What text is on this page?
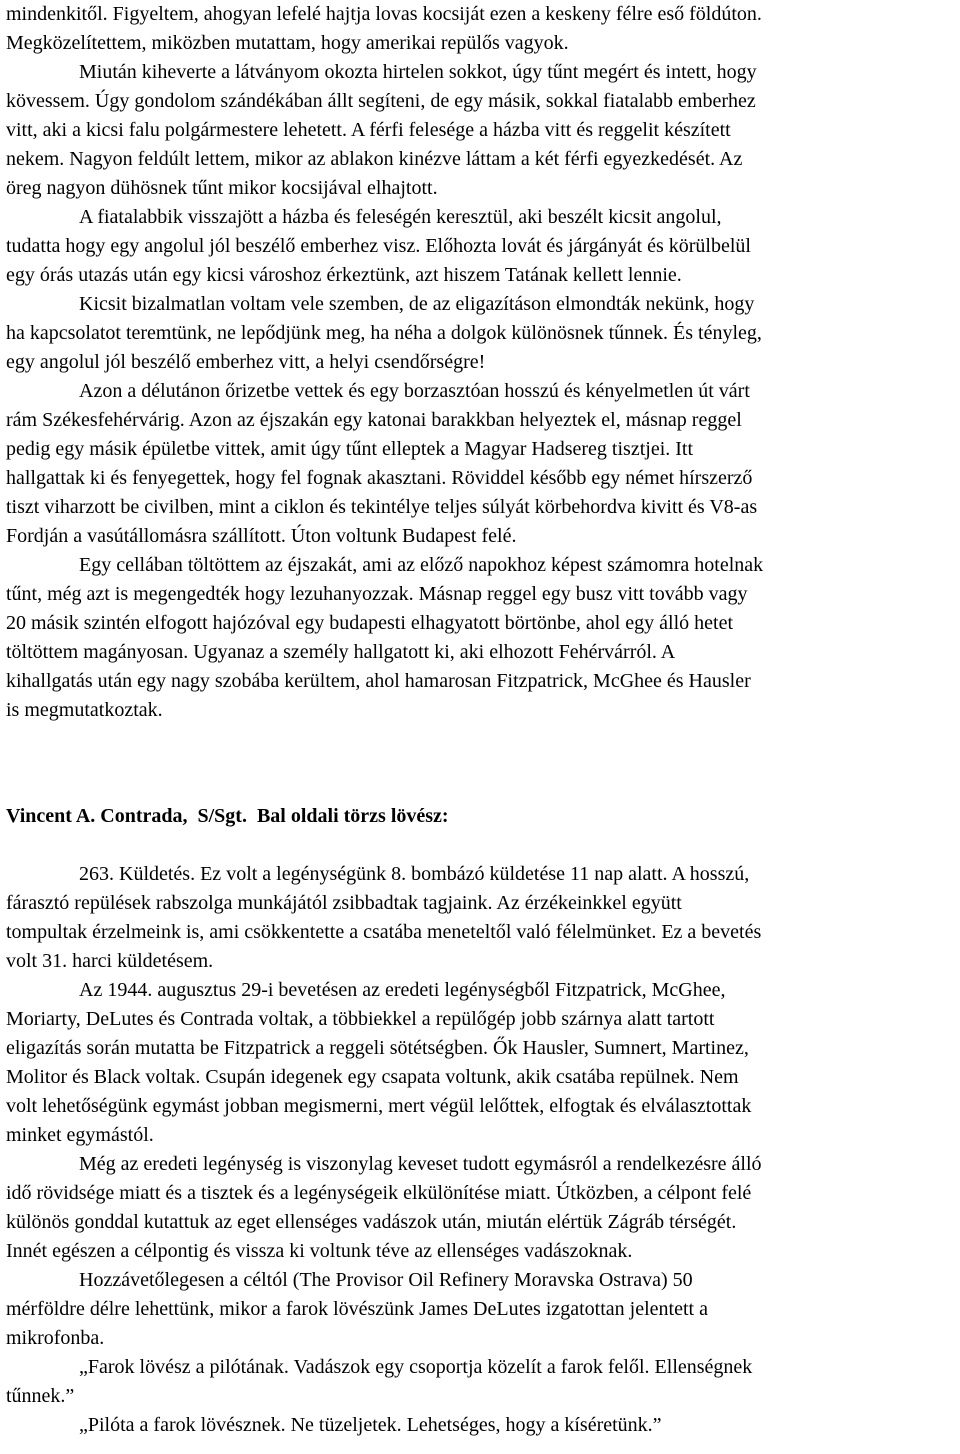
mindenkitől. Figyeltem, ahogyan lefelé hajtja lovas kocsiját ezen a keskeny félre eső földúton.
Megközelítettem, miközben mutattam, hogy amerikai repülős vagyok.
Miután kiheverte a látványom okozta hirtelen sokkot, úgy tűnt megért és intett, hogy
kövessem. Úgy gondolom szándékában állt segíteni, de egy másik, sokkal fiatalabb emberhez
vitt, aki a kicsi falu polgármestere lehetett. A férfi felesége a házba vitt és reggelit készített
nekem. Nagyon feldúlt lettem, mikor az ablakon kinézve láttam a két férfi egyezkedését. Az
öreg nagyon dühösnek tűnt mikor kocsijával elhajtott.
A fiatalabbik visszajött a házba és feleségén keresztül, aki beszélt kicsit angolul,
tudatta hogy egy angolul jól beszélő emberhez visz. Előhozta lovát és járgányát és körülbelül
egy órás utazás után egy kicsi városhoz érkeztünk, azt hiszem Tatának kellett lennie.
Kicsit bizalmatlan voltam vele szemben, de az eligazításon elmondták nekünk, hogy
ha kapcsolatot teremtünk, ne lepődjünk meg, ha néha a dolgok különösnek tűnnek. És tényleg,
egy angolul jól beszélő emberhez vitt, a helyi csendőrségre!
Azon a délutánon őrizetbe vettek és egy borzasztóan hosszú és kényelmetlen út várt
rám Székesfehérvárig. Azon az éjszakán egy katonai barakkban helyeztek el, másnap reggel
pedig egy másik épületbe vittek, amit úgy tűnt elleptek a Magyar Hadsereg tisztjei. Itt
hallgattak ki és fenyegettek, hogy fel fognak akasztani. Röviddel később egy német hírszerző
tiszt viharzott be civilben, mint a ciklon és tekintélye teljes súlyát körbehordva kivitt és V8-as
Fordján a vasútállomásra szállított. Úton voltunk Budapest felé.
Egy cellában töltöttem az éjszakát, ami az előző napokhoz képest számomra hotelnak
tűnt, még azt is megengedték hogy lezuhanyozzak. Másnap reggel egy busz vitt tovább vagy
20 másik szintén elfogott hajózóval egy budapesti elhagyatott börtönbe, ahol egy álló hetet
töltöttem magányosan. Ugyanaz a személy hallgatott ki, aki elhozott Fehérvárról. A
kihallgatás után egy nagy szobába kerültem, ahol hamarosan Fitzpatrick, McGhee és Hausler
is megmutatkoztak.
Vincent A. Contrada,  S/Sgt.  Bal oldali törzs lövész:
263. Küldetés. Ez volt a legénységünk 8. bombázó küldetése 11 nap alatt. A hosszú,
fárasztó repülések rabszolga munkájától zsibbadtak tagjaink. Az érzékeinkkel együtt
tompultak érzelmeink is, ami csökkentette a csatába meneteltől való félelmünket. Ez a bevetés
volt 31. harci küldetésem.
Az 1944. augusztus 29-i bevetésen az eredeti legénységből Fitzpatrick, McGhee,
Moriarty, DeLutes és Contrada voltak, a többiekkel a repülőgép jobb szárnya alatt tartott
eligazítás során mutatta be Fitzpatrick a reggeli sötétségben. Ők Hausler, Sumnert, Martinez,
Molitor és Black voltak. Csupán idegenek egy csapata voltunk, akik csatába repülnek. Nem
volt lehetőségünk egymást jobban megismerni, mert végül lelőttek, elfogtak és elválasztottak
minket egymástól.
Még az eredeti legénység is viszonylag keveset tudott egymásról a rendelkezésre álló
idő rövidsége miatt és a tisztek és a legénységeik elkülönítése miatt. Útközben, a célpont felé
különös gonddal kutattuk az eget ellenséges vadászok után, miután elértük Zágráb térségét.
Innét egészen a célpontig és vissza ki voltunk téve az ellenséges vadászoknak.
Hozzávetőlegesen a céltól (The Provisor Oil Refinery Moravska Ostrava) 50
mérföldre délre lehettünk, mikor a farok lövészünk James DeLutes izgatottan jelentett a
mikrofonba.
„Farok lövész a pilótának. Vadászok egy csoportja közelít a farok felől. Ellenségnek
tűnnek.”
„Pilóta a farok lövésznek. Ne tüzeljetek. Lehetséges, hogy a kíséretünk.”
